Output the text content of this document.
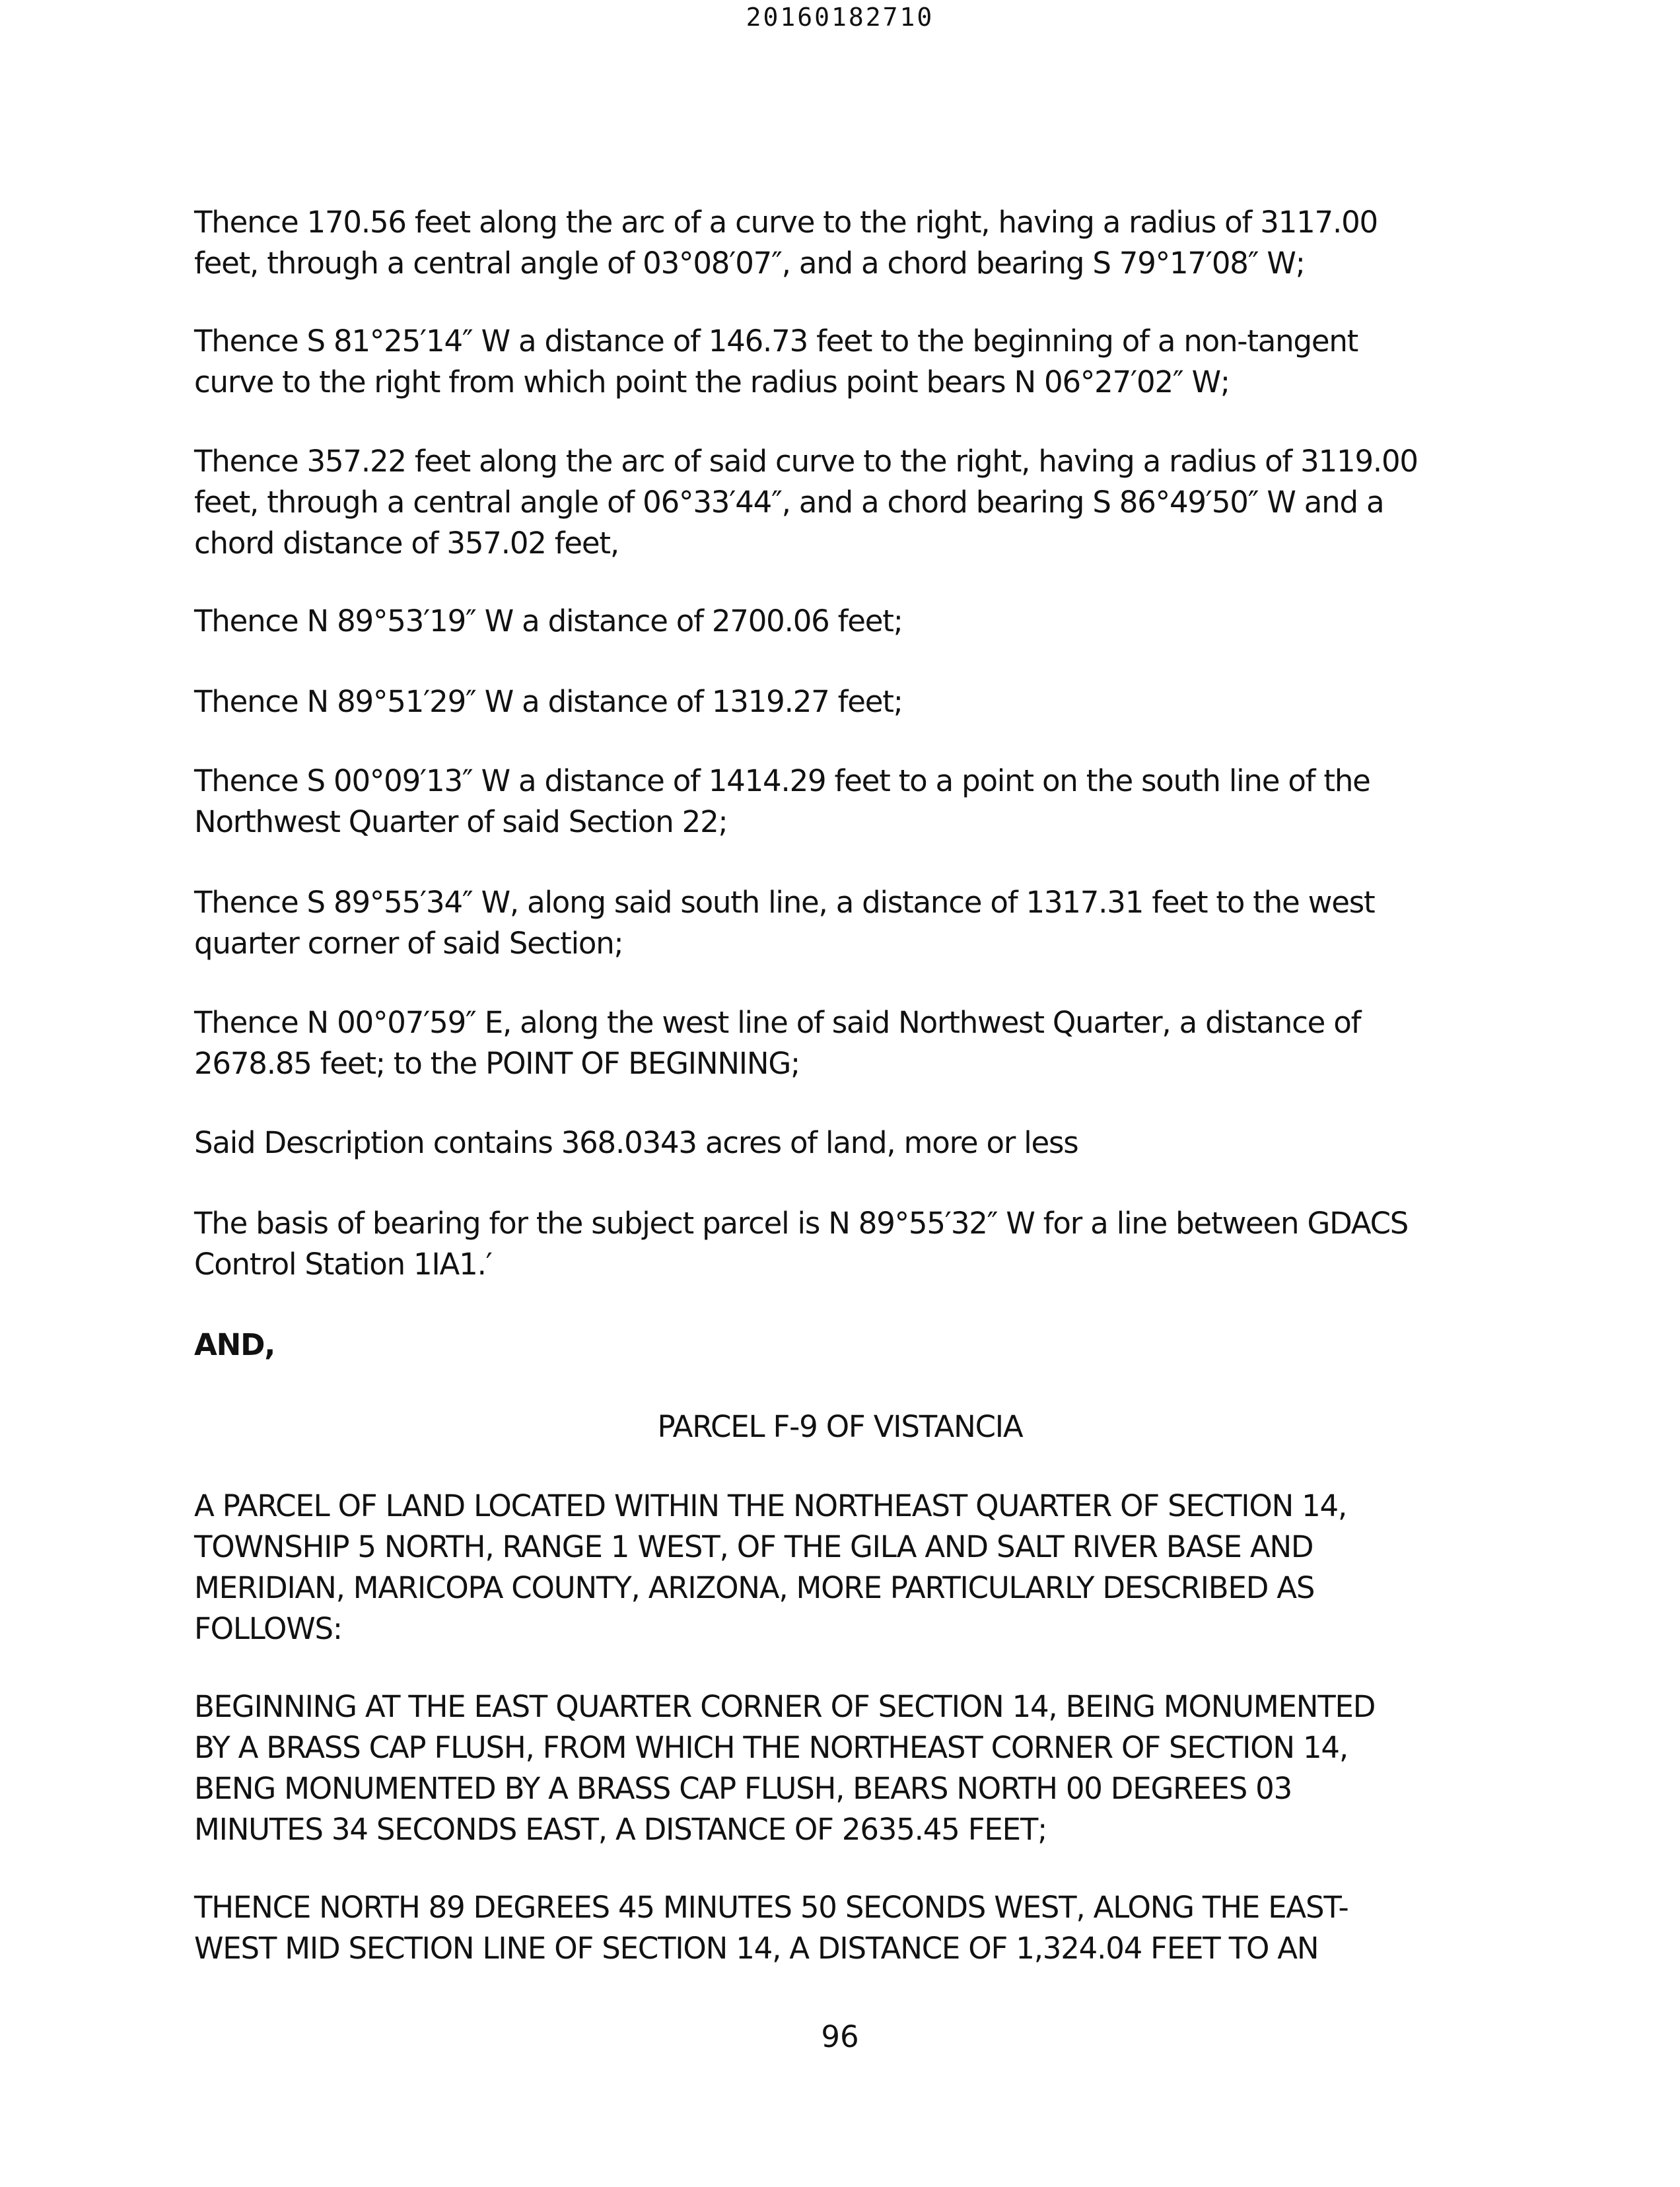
20160182710

Thence 170.56 feet along the arc of a curve to the right, having a radius of 3117.00
feet, through a central angle of 03°08′07″, and a chord bearing S 79°17′08″ W;

Thence S 81°25′14″ W a distance of 146.73 feet to the beginning of a non-tangent
curve to the right from which point the radius point bears N 06°27′02″ W;

Thence 357.22 feet along the arc of said curve to the right, having a radius of 3119.00
feet, through a central angle of 06°33′44″, and a chord bearing S 86°49′50″ W and a
chord distance of 357.02 feet,

Thence N 89°53′19″ W a distance of 2700.06 feet;

Thence N 89°51′29″ W a distance of 1319.27 feet;

Thence S 00°09′13″ W a distance of 1414.29 feet to a point on the south line of the
Northwest Quarter of said Section 22;

Thence S 89°55′34″ W, along said south line, a distance of 1317.31 feet to the west
quarter corner of said Section;

Thence N 00°07′59″ E, along the west line of said Northwest Quarter, a distance of
2678.85 feet; to the POINT OF BEGINNING;

Said Description contains 368.0343 acres of land, more or less

The basis of bearing for the subject parcel is N 89°55′32″ W for a line between GDACS
Control Station 1IA1.′

AND,

PARCEL F-9 OF VISTANCIA

A PARCEL OF LAND LOCATED WITHIN THE NORTHEAST QUARTER OF SECTION 14,
TOWNSHIP 5 NORTH, RANGE 1 WEST, OF THE GILA AND SALT RIVER BASE AND
MERIDIAN, MARICOPA COUNTY, ARIZONA, MORE PARTICULARLY DESCRIBED AS
FOLLOWS:

BEGINNING AT THE EAST QUARTER CORNER OF SECTION 14, BEING MONUMENTED
BY A BRASS CAP FLUSH, FROM WHICH THE NORTHEAST CORNER OF SECTION 14,
BENG MONUMENTED BY A BRASS CAP FLUSH, BEARS NORTH 00 DEGREES 03
MINUTES 34 SECONDS EAST, A DISTANCE OF 2635.45 FEET;

THENCE NORTH 89 DEGREES 45 MINUTES 50 SECONDS WEST, ALONG THE EAST-
WEST MID SECTION LINE OF SECTION 14, A DISTANCE OF 1,324.04 FEET TO AN

96
